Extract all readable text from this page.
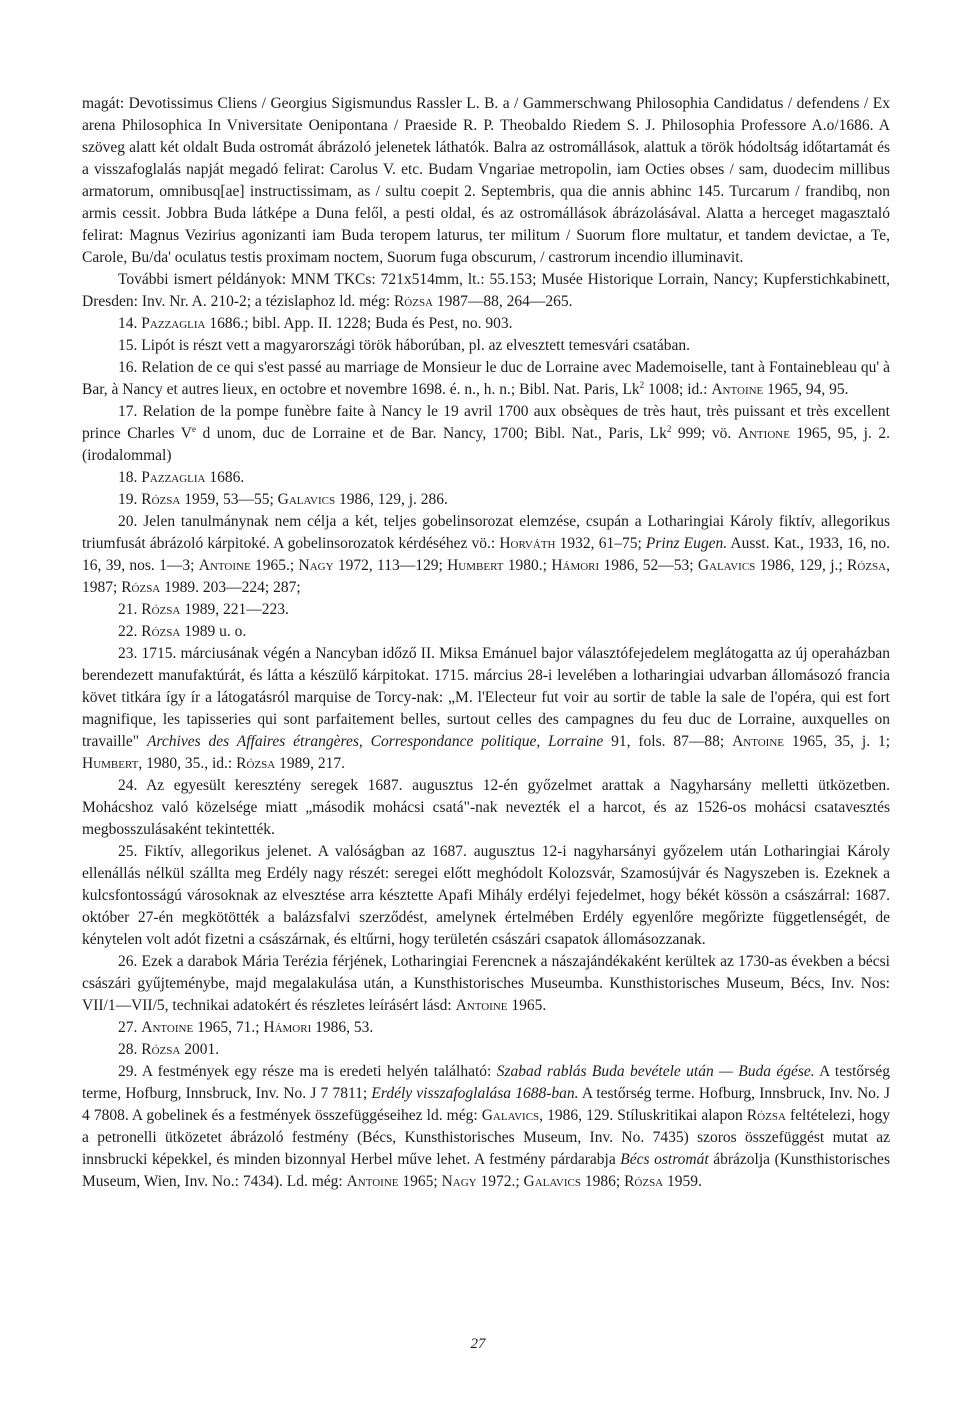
magát: Devotissimus Cliens / Georgius Sigismundus Rassler L. B. a / Gammerschwang Philosophia Candidatus / defendens / Ex arena Philosophica In Vniversitate Oenipontana / Praeside R. P. Theobaldo Riedem S. J. Philosophia Professore A.o/1686. A szöveg alatt két oldalt Buda ostromát ábrázoló jelenetek láthatók. Balra az ostromállások, alattuk a török hódoltság időtartamát és a visszafoglalás napját megadó felirat: Carolus V. etc. Budam Vngariae metropolin, iam Octies obses / sam, duodecim millibus armatorum, omnibusq[ae] instructissimam, as / sultu coepit 2. Septembris, qua die annis abhinc 145. Turcarum / frandibq, non armis cessit. Jobbra Buda látképe a Duna felől, a pesti oldal, és az ostromállások ábrázolásával. Alatta a herceget magasztaló felirat: Magnus Vezirius agonizanti iam Buda teropem laturus, ter militum / Suorum flore multatur, et tandem devictae, a Te, Carole, Bu/da' oculatus testis proximam noctem, Suorum fuga obscurum, / castrorum incendio illuminavit.

További ismert példányok: MNM TKCs: 721x514mm, lt.: 55.153; Musée Historique Lorrain, Nancy; Kupferstichkabinett, Dresden: Inv. Nr. A. 210-2; a tézislaphoz ld. még: Rózsa 1987—88, 264—265.

14. Pazzaglia 1686.; bibl. App. II. 1228; Buda és Pest, no. 903.

15. Lipót is részt vett a magyarországi török háborúban, pl. az elvesztett temesvári csatában.

16. Relation de ce qui s'est passé au marriage de Monsieur le duc de Lorraine avec Mademoiselle, tant à Fontainebleau qu' à Bar, à Nancy et autres lieux, en octobre et novembre 1698. é. n., h. n.; Bibl. Nat. Paris, Lk$^2$ 1008; id.: Antoine 1965, 94, 95.

17. Relation de la pompe funèbre faite à Nancy le 19 avril 1700 aux obsèques de très haut, très puissant et très excellent prince Charles Ve d unom, duc de Lorraine et de Bar. Nancy, 1700; Bibl. Nat., Paris, Lk$^2$ 999; vö. Antione 1965, 95, j. 2. (irodalommal)

18. Pazzaglia 1686.

19. Rózsa 1959, 53—55; Galavics 1986, 129, j. 286.

20. Jelen tanulmánynak nem célja a két, teljes gobelinsorozat elemzése, csupán a Lotharingiai Károly fiktív, allegorikus triumfusát ábrázoló kárpitoké. A gobelinsorozatok kérdéséhez vö.: Horváth 1932, 61–75; Prinz Eugen. Ausst. Kat., 1933, 16, no. 16, 39, nos. 1—3; Antoine 1965.; Nagy 1972, 113—129; Humbert 1980.; Hámori 1986, 52—53; Galavics 1986, 129, j.; Rózsa, 1987; Rózsa 1989. 203—224; 287;

21. Rózsa 1989, 221—223.

22. Rózsa 1989 u. o.

23. 1715. márciusának végén a Nancyban időző II. Miksa Emánuel bajor választófejedelem meglátogatta az új operaházban berendezett manufaktúrát, és látta a készülő kárpitokat. 1715. március 28-i levelében a lotharingiai udvarban állomásozó francia követ titkára így ír a látogatásról marquise de Torcy-nak: „M. l'Electeur fut voir au sortir de table la sale de l'opéra, qui est fort magnifique, les tapisseries qui sont parfaitement belles, surtout celles des campagnes du feu duc de Lorraine, auxquelles on travaille" Archives des Affaires étrangères, Correspondance politique, Lorraine 91, fols. 87—88; Antoine 1965, 35, j. 1; Humbert, 1980, 35., id.: Rózsa 1989, 217.

24. Az egyesült keresztény seregek 1687. augusztus 12-én győzelmet arattak a Nagyharsány melletti ütközetben. Mohácshoz való közelsége miatt „második mohácsi csatá"-nak nevezték el a harcot, és az 1526-os mohácsi csatavesztés megbosszulásaként tekintették.

25. Fiktív, allegorikus jelenet. A valóságban az 1687. augusztus 12-i nagyharsányi győzelem után Lotharingiai Károly ellenállás nélkül szállta meg Erdély nagy részét: seregei előtt meghódolt Kolozsvár, Szamosújvár és Nagyszeben is. Ezeknek a kulcsfontosságú városoknak az elvesztése arra késztette Apafi Mihály erdélyi fejedelmet, hogy békét kössön a császárral: 1687. október 27-én megkötötték a balázsfalvi szerződést, amelynek értelmében Erdély egyenlőre megőrizte függetlenségét, de kénytelen volt adót fizetni a császárnak, és eltűrni, hogy területén császári csapatok állomásozzanak.

26. Ezek a darabok Mária Terézia férjének, Lotharingiai Ferencnek a nászajándékaként kerültek az 1730-as években a bécsi császári gyűjteménybe, majd megalakulása után, a Kunsthistorisches Museumba. Kunsthistorisches Museum, Bécs, Inv. Nos: VII/1—VII/5, technikai adatokért és részletes leírásért lásd: Antoine 1965.

27. Antoine 1965, 71.; Hámori 1986, 53.

28. Rózsa 2001.

29. A festmények egy része ma is eredeti helyén található: Szabad rablás Buda bevétele után — Buda égése. A testőrség terme, Hofburg, Innsbruck, Inv. No. J 7 7811; Erdély visszafoglalása 1688-ban. A testőrség terme. Hofburg, Innsbruck, Inv. No. J 4 7808. A gobelinek és a festmények összefüggéseihez ld. még: Galavics, 1986, 129. Stíluskritikai alapon Rózsa feltételezi, hogy a petronelli ütközetet ábrázoló festmény (Bécs, Kunsthistorisches Museum, Inv. No. 7435) szoros összefüggést mutat az innsbrucki képekkel, és minden bizonnyal Herbel műve lehet. A festmény párdarabja Bécs ostromát ábrázolja (Kunsthistorisches Museum, Wien, Inv. No.: 7434). Ld. még: Antoine 1965; Nagy 1972.; Galavics 1986; Rózsa 1959.

27
